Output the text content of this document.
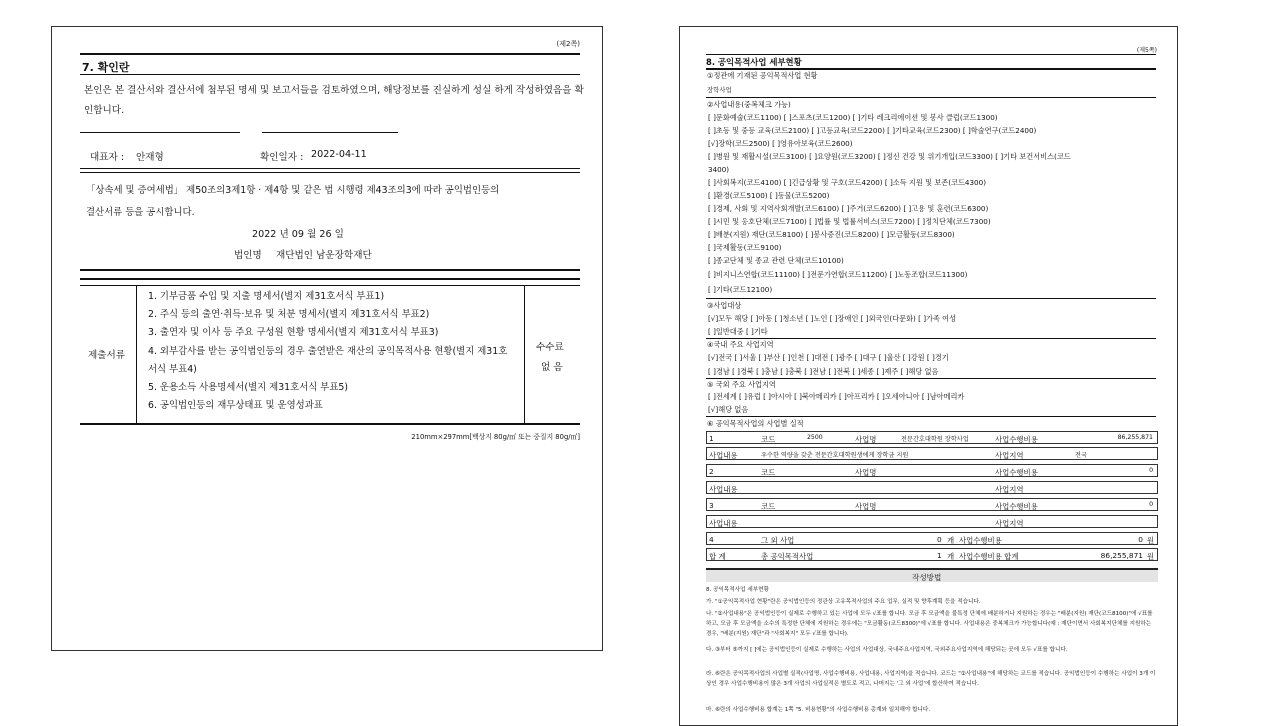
(제2쪽)
7. 확인란
본인은 본 결산서와 결산서에 첨부된 명세 및 보고서들을 검토하였으며, 해당정보를 진실하게 성실 하게 작성하였음을 확
인합니다.
대표자 : 안재형	확인일자 : 2022-04-11
「상속세 및 증여세법」 제50조의3제1항 · 제4항 및 같은 법 시행령 제43조의3에 따라 공익법인등의
결산서류 등을 공시합니다.
2022 년 09 월 26 일
법인명 재단법인 남운장학재단
제출서류
1. 기부금품 수입 및 지출 명세서(별지 제31호서식 부표1)
2. 주식 등의 출연·취득·보유 및 처분 명세서(별지 제31호서식 부표2)
3. 출연자 및 이사 등 주요 구성원 현황 명세서(별지 제31호서식 부표3)
4. 외부감사를 받는 공익법인등의 경우 출연받은 재산의 공익목적사용 현황(별지 제31호
서식 부표4)
5. 운용소득 사용명세서(별지 제31호서식 부표5)
6. 공익법인등의 재무상태표 및 운영성과표
수수료
없 음
210mm×297mm[백상지 80g/㎡ 또는 중질지 80g/㎡]
(제5쪽)
8. 공익목적사업 세부현황
①정관에 기재된 공익목적사업 현황
장학사업
②사업내용(중복체크 가능)
[ ]문화예술(코드1100) [ ]스포츠(코드1200) [ ]기타 레크리에이션 및 봉사 클럽(코드1300)
[ ]초등 및 중등 교육(코드2100) [ ]고등교육(코드2200) [ ]기타교육(코드2300) [ ]학술연구(코드2400)
[√]장학(코드2500) [ ]영유아보육(코드2600)
[ ]병원 및 재활시설(코드3100) [ ]요양원(코드3200) [ ]정신 건강 및 위기개입(코드3300) [ ]기타 보건서비스(코드
3400)
[ ]사회복지(코드4100) [ ]긴급상황 및 구호(코드4200) [ ]소득 지원 및 보존(코드4300)
[ ]환경(코드5100) [ ]동물(코드5200)
[ ]경제, 사회 및 지역사회개발(코드6100) [ ]주거(코드6200) [ ]고용 및 훈련(코드6300)
[ ]시민 및 옹호단체(코드7100) [ ]법률 및 법률서비스(코드7200) [ ]정치단체(코드7300)
[ ]배분(지원) 재단(코드8100) [ ]봉사증진(코드8200) [ ]모금활동(코드8300)
[ ]국제활동(코드9100)
[ ]종교단체 및 종교 관련 단체(코드10100)
[ ]비지니스연합(코드11100) [ ]전문가연합(코드11200) [ ]노동조합(코드11300)
[ ]기타(코드12100)
③사업대상
[√]모두 해당 [ ]아동 [ ]청소년 [ ]노인 [ ]장애인 [ ]외국인(다문화) [ ]가족 여성
[ ]일반대중 [ ]기타
④국내 주요 사업지역
[√]전국 [ ]서울 [ ]부산 [ ]인천 [ ]대전 [ ]광주 [ ]대구 [ ]울산 [ ]강원 [ ]경기
[ ]경남 [ ]경북 [ ]충남 [ ]충북 [ ]전남 [ ]전북 [ ]세종 [ ]제주 [ ]해당 없음
⑤ 국외 주요 사업지역
[ ]전세계 [ ]유럽 [ ]아시아 [ ]북아메리카 [ ]아프리카 [ ]오세아니아 [ ]남아메리카
[√]해당 없음
⑥ 공익목적사업의 사업별 실적
1	코드	2500	사업명	전문간호대학원 장학사업	사업수행비용	86,255,871
사업내용	우수한 역량을 갖춘 전문간호대학원생에게 장학금 지원	사업지역	전국
2	코드	사업명	사업수행비용	0
사업내용	사업지역
3	코드	사업명	사업수행비용	0
사업내용	사업지역
4	그 외 사업	0 개 사업수행비용	0 원
합 계	총 공익목적사업	1 개 사업수행비용 합계	86,255,871 원
작성방법
8. 공익목적사업 세부현황
가. "①공익목적사업 현황"란은 공익법인등의 정관상 고유목적사업의 주요 업무, 실적 및 향후계획 등을 적습니다.
나. "②사업내용"은 공익법인등이 실제로 수행하고 있는 사업에 모두 √표를 합니다. 모금 후 모금액을 불특정 단체에 배분하거나 지원하는 경우는 "배분(지원) 재단(코드8100)"에 √표를 하고, 모금 후 모금액을 소수의 특정한 단체에 지원하는 경우에는 "모금활동(코드8300)"에 √표를 합니다. 사업내용은 중복체크가 가능합니다(예 : 재단이면서 사회복지단체를 지원하는 경우, "배분(지원) 재단"과 "사회복지" 모두 √표를 합니다).
다. ③부터 ⑤까지 [ ]에는 공익법인등이 실제로 수행하는 사업의 사업대상, 국내주요사업지역, 국외주요사업지역에 해당되는 곳에 모두 √표를 합니다.
라. ⑥란은 공익목적사업의 사업별 실적(사업명, 사업수행비용, 사업내용, 사업지역)을 적습니다. 코드는 "②사업내용"에 해당하는 코드를 적습니다. 공익법인등이 수행하는 사업이 3개 이상인 경우 사업수행비용이 많은 3개 사업의 사업실적은 별도로 적고, 나머지는 '그 외 사업'에 합산하여 적습니다.
마. ⑥란의 사업수행비용 합계는 1쪽 "5. 비용현황"의 사업수행비용 총계와 일치해야 합니다.
